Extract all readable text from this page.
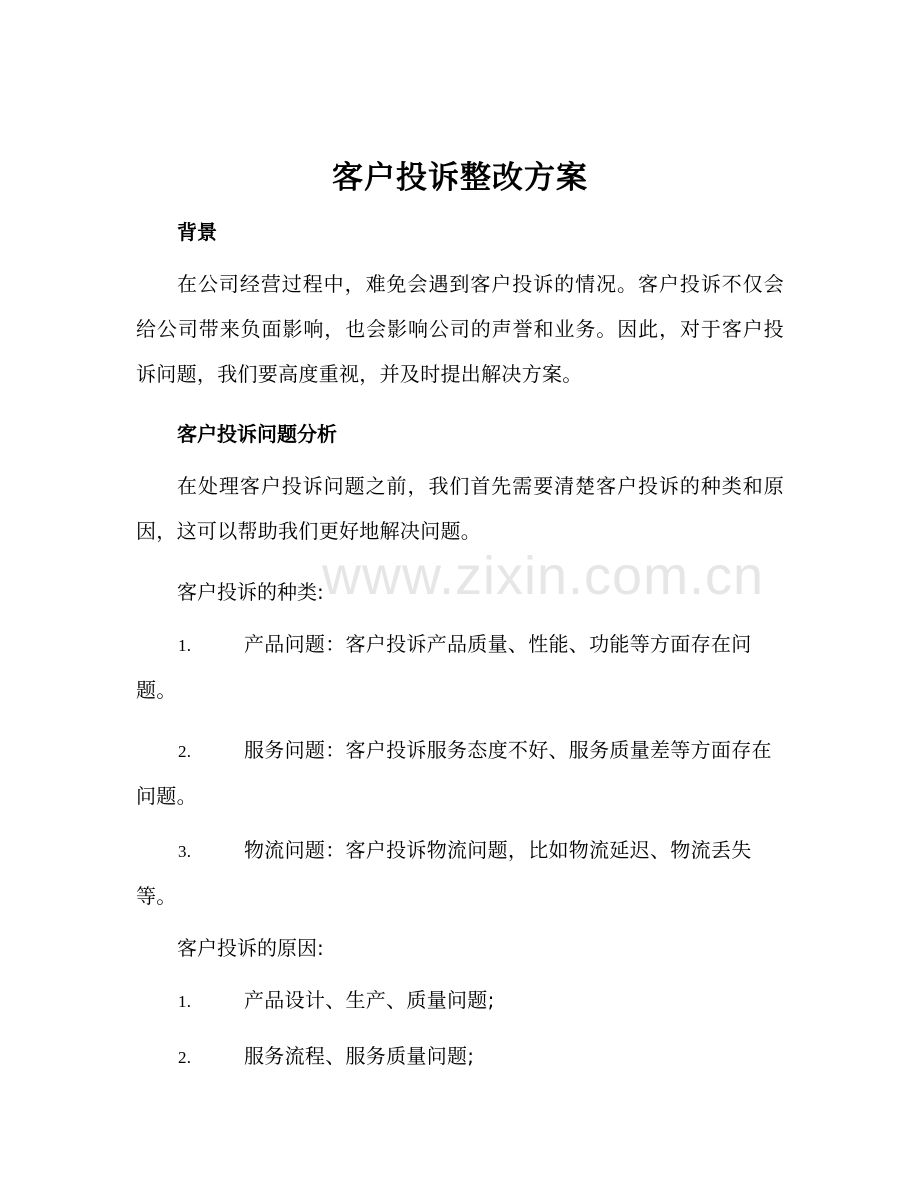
www.zixin.com.cn
客户投诉整改方案
背景
在公司经营过程中，难免会遇到客户投诉的情况。客户投诉不仅会给公司带来负面影响，也会影响公司的声誉和业务。因此，对于客户投诉问题，我们要高度重视，并及时提出解决方案。
客户投诉问题分析
在处理客户投诉问题之前，我们首先需要清楚客户投诉的种类和原因，这可以帮助我们更好地解决问题。
客户投诉的种类:
1.	产品问题：客户投诉产品质量、性能、功能等方面存在问题。
2.	服务问题：客户投诉服务态度不好、服务质量差等方面存在问题。
3.	物流问题：客户投诉物流问题，比如物流延迟、物流丢失等。
客户投诉的原因:
1.	产品设计、生产、质量问题;
2.	服务流程、服务质量问题;
